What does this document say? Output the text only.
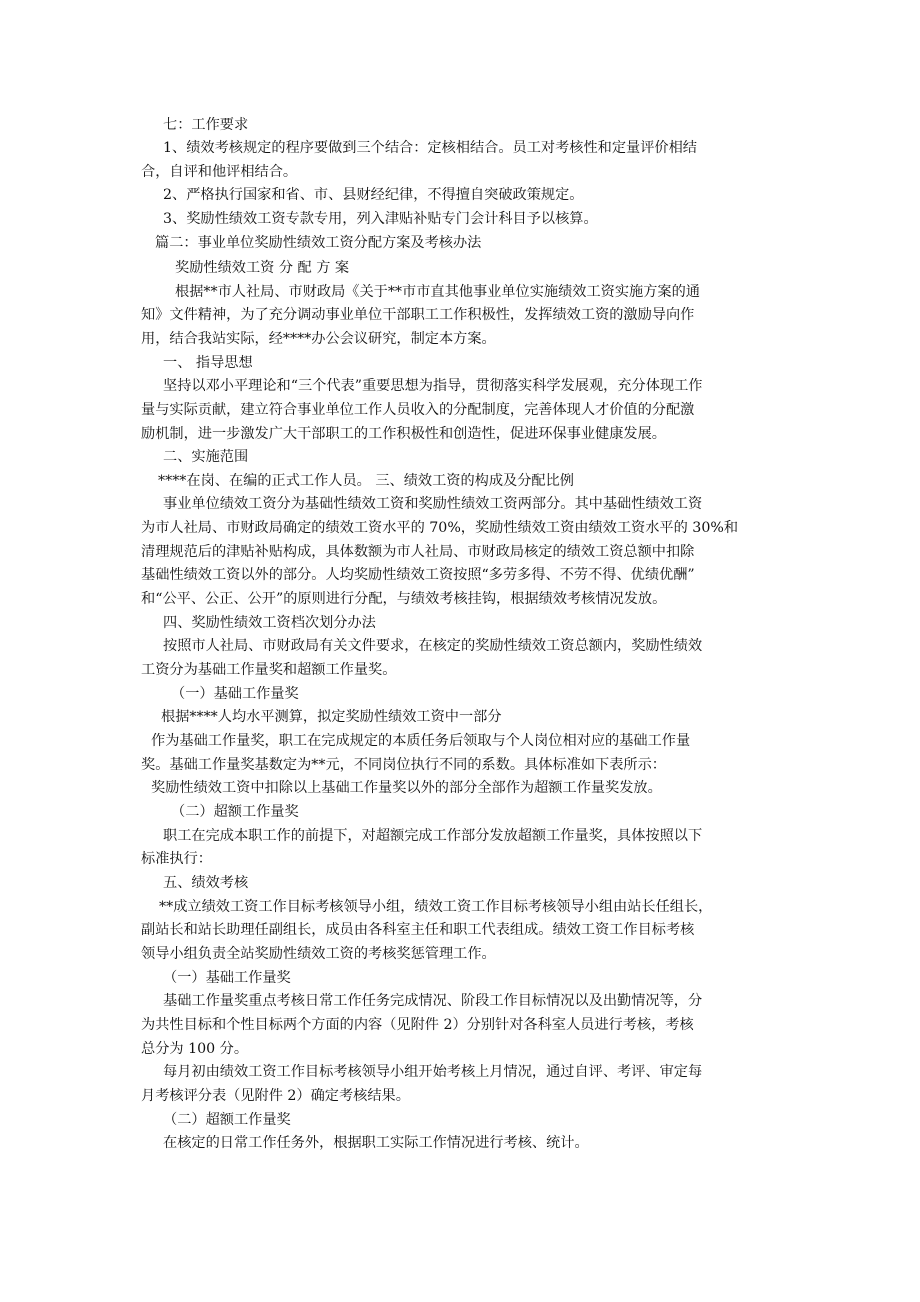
七：工作要求
1、绩效考核规定的程序要做到三个结合：定核相结合。员工对考核性和定量评价相结
合，自评和他评相结合。
2、严格执行国家和省、市、县财经纪律，不得擅自突破政策规定。
3、奖励性绩效工资专款专用，列入津贴补贴专门会计科目予以核算。
篇二：事业单位奖励性绩效工资分配方案及考核办法
奖励性绩效工资 分 配 方 案
根据**市人社局、市财政局《关于**市市直其他事业单位实施绩效工资实施方案的通
知》文件精神，为了充分调动事业单位干部职工工作积极性，发挥绩效工资的激励导向作
用，结合我站实际，经****办公会议研究，制定本方案。
一、 指导思想
坚持以邓小平理论和“三个代表”重要思想为指导，贯彻落实科学发展观，充分体现工作
量与实际贡献，建立符合事业单位工作人员收入的分配制度，完善体现人才价值的分配激
励机制，进一步激发广大干部职工的工作积极性和创造性，促进环保事业健康发展。
二、实施范围
****在岗、在编的正式工作人员。 三、绩效工资的构成及分配比例
事业单位绩效工资分为基础性绩效工资和奖励性绩效工资两部分。其中基础性绩效工资
为市人社局、市财政局确定的绩效工资水平的 70%，奖励性绩效工资由绩效工资水平的 30%和
清理规范后的津贴补贴构成，具体数额为市人社局、市财政局核定的绩效工资总额中扣除
基础性绩效工资以外的部分。人均奖励性绩效工资按照“多劳多得、不劳不得、优绩优酬”
和“公平、公正、公开”的原则进行分配，与绩效考核挂钩，根据绩效考核情况发放。
四、奖励性绩效工资档次划分办法
按照市人社局、市财政局有关文件要求，在核定的奖励性绩效工资总额内，奖励性绩效
工资分为基础工作量奖和超额工作量奖。
（一）基础工作量奖
根据****人均水平测算，拟定奖励性绩效工资中一部分
作为基础工作量奖，职工在完成规定的本质任务后领取与个人岗位相对应的基础工作量
奖。基础工作量奖基数定为**元，不同岗位执行不同的系数。具体标准如下表所示：
奖励性绩效工资中扣除以上基础工作量奖以外的部分全部作为超额工作量奖发放。
（二）超额工作量奖
职工在完成本职工作的前提下，对超额完成工作部分发放超额工作量奖，具体按照以下
标准执行：
五、绩效考核
**成立绩效工资工作目标考核领导小组，绩效工资工作目标考核领导小组由站长任组长，
副站长和站长助理任副组长，成员由各科室主任和职工代表组成。绩效工资工作目标考核
领导小组负责全站奖励性绩效工资的考核奖惩管理工作。
（一）基础工作量奖
基础工作量奖重点考核日常工作任务完成情况、阶段工作目标情况以及出勤情况等，分
为共性目标和个性目标两个方面的内容（见附件 2）分别针对各科室人员进行考核，考核
总分为 100 分。
每月初由绩效工资工作目标考核领导小组开始考核上月情况，通过自评、考评、审定每
月考核评分表（见附件 2）确定考核结果。
（二）超额工作量奖
在核定的日常工作任务外，根据职工实际工作情况进行考核、统计。
